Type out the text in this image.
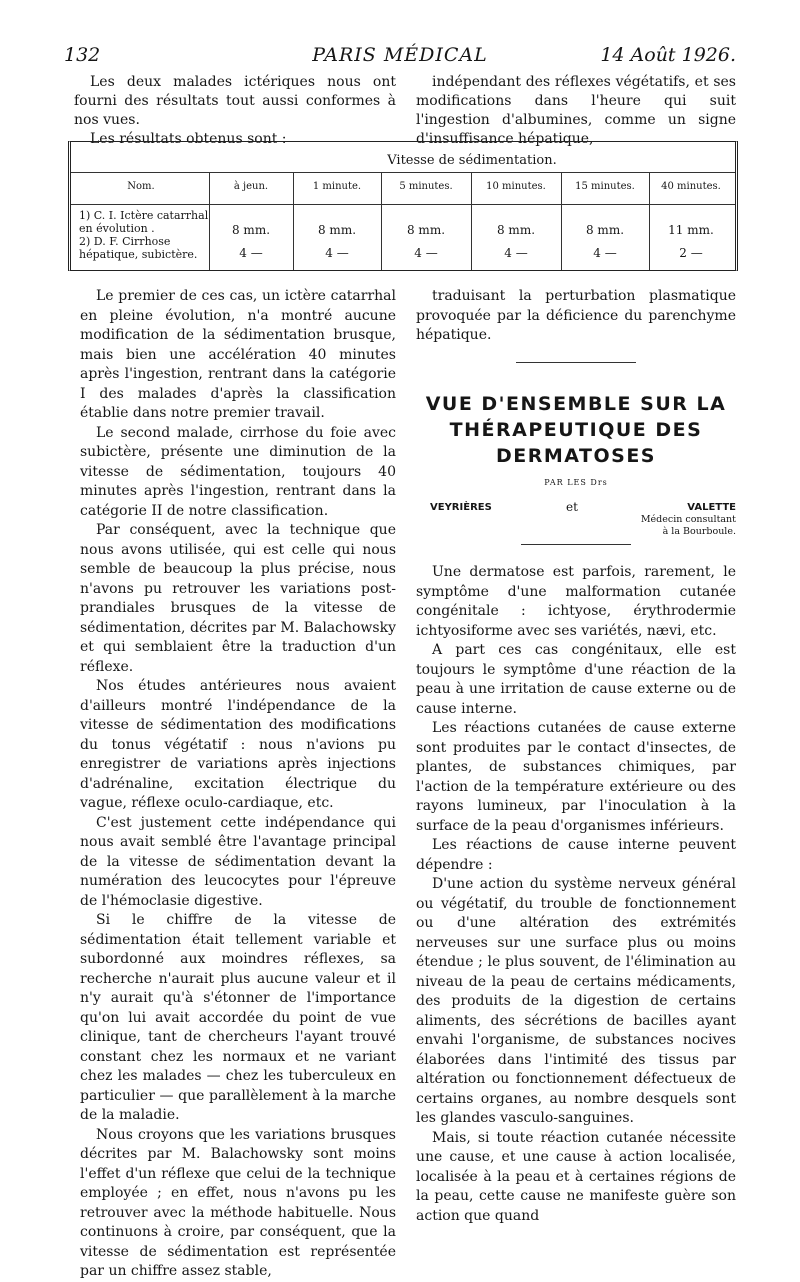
132	PARIS MÉDICAL	14 Août 1926.

Les deux malades ictériques nous ont fourni des résultats tout aussi conformes à nos vues.

Les résultats obtenus sont :

indépendant des réflexes végétatifs, et ses modifications dans l'heure qui suit l'ingestion d'albumines, comme un signe d'insuffisance hépatique,

Vitesse de sédimentation.
Nom.	à jeun.	1 minute.	5 minutes.	10 minutes.	15 minutes.	40 minutes.
1) C. I. Ictère catarrhal en évolution .
2) D. F. Cirrhose hépatique, subictère.
8 mm.	8 mm.	8 mm.	8 mm.	8 mm.	11 mm.
4 —	4 —	4 —	4 —	4 —	2 —

Le premier de ces cas, un ictère catarrhal en pleine évolution, n'a montré aucune modification de la sédimentation brusque, mais bien une accélération 40 minutes après l'ingestion, rentrant dans la catégorie I des malades d'après la classification établie dans notre premier travail.

Le second malade, cirrhose du foie avec subictère, présente une diminution de la vitesse de sédimentation, toujours 40 minutes après l'ingestion, rentrant dans la catégorie II de notre classification.

Par conséquent, avec la technique que nous avons utilisée, qui est celle qui nous semble de beaucoup la plus précise, nous n'avons pu retrouver les variations post-prandiales brusques de la vitesse de sédimentation, décrites par M. Balachowsky et qui semblaient être la traduction d'un réflexe.

Nos études antérieures nous avaient d'ailleurs montré l'indépendance de la vitesse de sédimentation des modifications du tonus végétatif : nous n'avions pu enregistrer de variations après injections d'adrénaline, excitation électrique du vague, réflexe oculo-cardiaque, etc.

C'est justement cette indépendance qui nous avait semblé être l'avantage principal de la vitesse de sédimentation devant la numération des leucocytes pour l'épreuve de l'hémoclasie digestive.

Si le chiffre de la vitesse de sédimentation était tellement variable et subordonné aux moindres réflexes, sa recherche n'aurait plus aucune valeur et il n'y aurait qu'à s'étonner de l'importance qu'on lui avait accordée du point de vue clinique, tant de chercheurs l'ayant trouvé constant chez les normaux et ne variant chez les malades — chez les tuberculeux en particulier — que parallèlement à la marche de la maladie.

Nous croyons que les variations brusques décrites par M. Balachowsky sont moins l'effet d'un réflexe que celui de la technique employée ; en effet, nous n'avons pu les retrouver avec la méthode habituelle. Nous continuons à croire, par conséquent, que la vitesse de sédimentation est représentée par un chiffre assez stable,

traduisant la perturbation plasmatique provoquée par la déficience du parenchyme hépatique.

VUE D'ENSEMBLE SUR LA
THÉRAPEUTIQUE DES
DERMATOSES
PAR LES Drs
VEYRIÈRES	et	VALETTE
Médecin consultant
à la Bourboule.

Une dermatose est parfois, rarement, le symptôme d'une malformation cutanée congénitale : ichtyose, érythrodermie ichtyosiforme avec ses variétés, nævi, etc.

A part ces cas congénitaux, elle est toujours le symptôme d'une réaction de la peau à une irritation de cause externe ou de cause interne.

Les réactions cutanées de cause externe sont produites par le contact d'insectes, de plantes, de substances chimiques, par l'action de la température extérieure ou des rayons lumineux, par l'inoculation à la surface de la peau d'organismes inférieurs.

Les réactions de cause interne peuvent dépendre :

D'une action du système nerveux général ou végétatif, du trouble de fonctionnement ou d'une altération des extrémités nerveuses sur une surface plus ou moins étendue ; le plus souvent, de l'élimination au niveau de la peau de certains médicaments, des produits de la digestion de certains aliments, des sécrétions de bacilles ayant envahi l'organisme, de substances nocives élaborées dans l'intimité des tissus par altération ou fonctionnement défectueux de certains organes, au nombre desquels sont les glandes vasculo-sanguines.

Mais, si toute réaction cutanée nécessite une cause, et une cause à action localisée, localisée à la peau et à certaines régions de la peau, cette cause ne manifeste guère son action que quand
